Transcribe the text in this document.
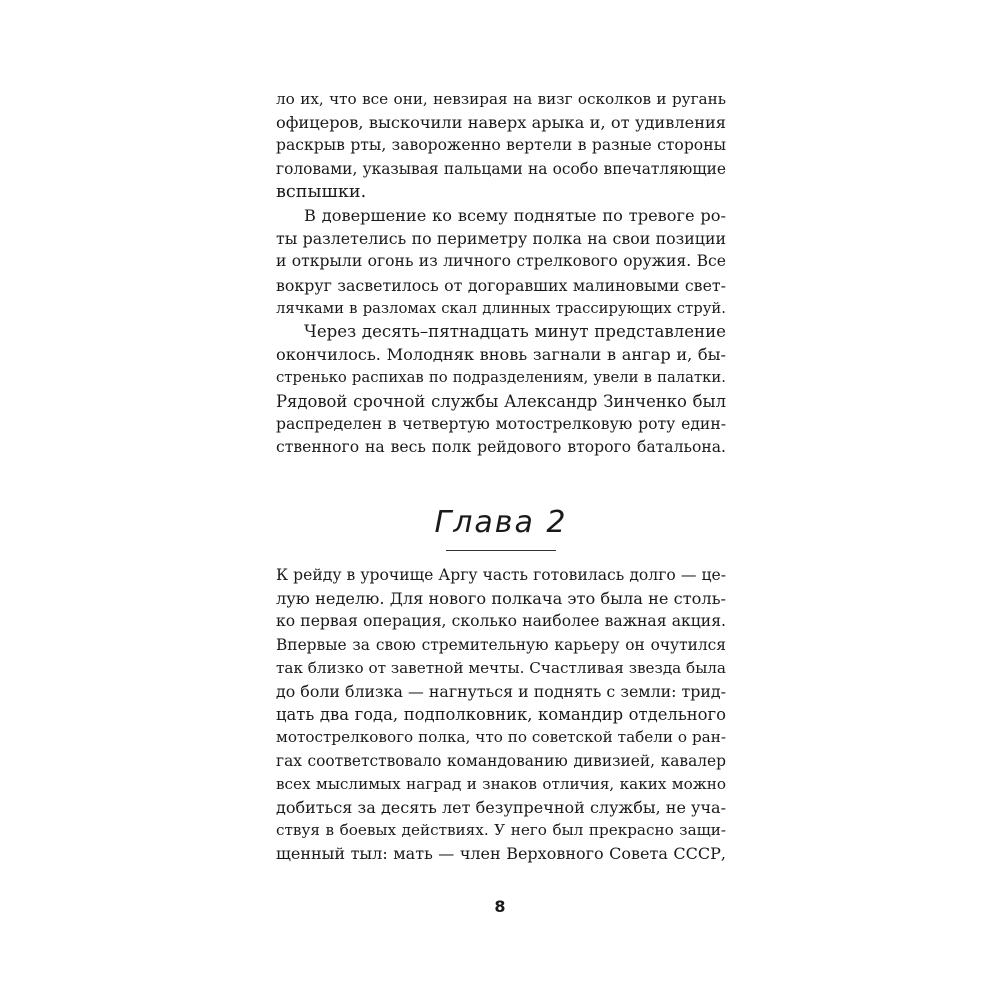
ло их, что все они, невзирая на визг осколков и ругань
офицеров, выскочили наверх арыка и, от удивления
раскрыв рты, завороженно вертели в разные стороны
головами, указывая пальцами на особо впечатляющие
вспышки.
В довершение ко всему поднятые по тревоге ро-
ты разлетелись по периметру полка на свои позиции
и открыли огонь из личного стрелкового оружия. Все
вокруг засветилось от догоравших малиновыми свет-
лячками в разломах скал длинных трассирующих струй.
Через десять–пятнадцать минут представление
окончилось. Молодняк вновь загнали в ангар и, бы-
стренько распихав по подразделениям, увели в палатки.
Рядовой срочной службы Александр Зинченко был
распределен в четвертую мотострелковую роту един-
ственного на весь полк рейдового второго батальона.
Глава 2
К рейду в урочище Аргу часть готовилась долго — це-
лую неделю. Для нового полкача это была не столь-
ко первая операция, сколько наиболее важная акция.
Впервые за свою стремительную карьеру он очутился
так близко от заветной мечты. Счастливая звезда была
до боли близка — нагнуться и поднять с земли: трид-
цать два года, подполковник, командир отдельного
мотострелкового полка, что по советской табели о ран-
гах соответствовало командованию дивизией, кавалер
всех мыслимых наград и знаков отличия, каких можно
добиться за десять лет безупречной службы, не уча-
ствуя в боевых действиях. У него был прекрасно защи-
щенный тыл: мать — член Верховного Совета СССР,
8
